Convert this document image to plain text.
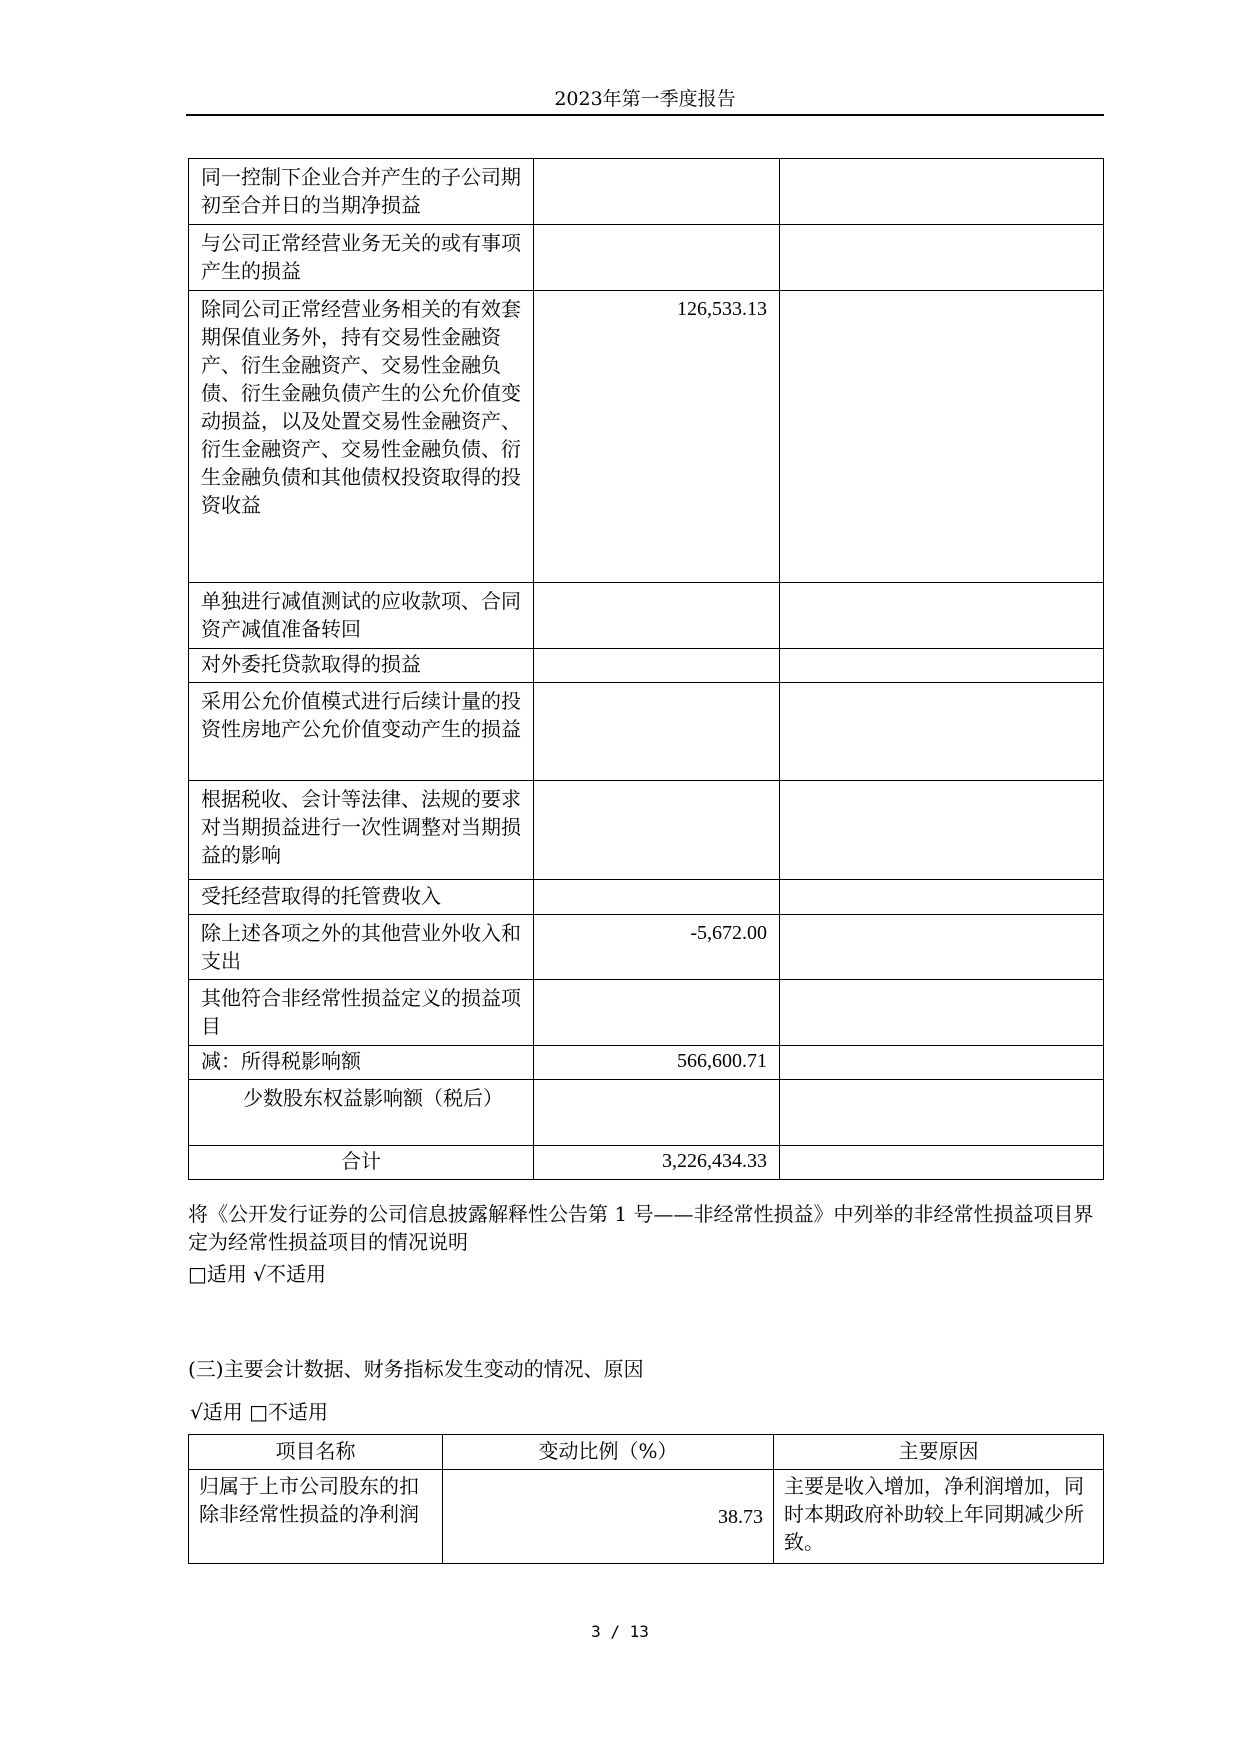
2023年第一季度报告
同一控制下企业合并产生的子公司期初至合并日的当期净损益		
与公司正常经营业务无关的或有事项产生的损益		
除同公司正常经营业务相关的有效套期保值业务外，持有交易性金融资产、衍生金融资产、交易性金融负债、衍生金融负债产生的公允价值变动损益，以及处置交易性金融资产、衍生金融资产、交易性金融负债、衍生金融负债和其他债权投资取得的投资收益	126,533.13	
单独进行减值测试的应收款项、合同资产减值准备转回		
对外委托贷款取得的损益		
采用公允价值模式进行后续计量的投资性房地产公允价值变动产生的损益		
根据税收、会计等法律、法规的要求对当期损益进行一次性调整对当期损益的影响		
受托经营取得的托管费收入		
除上述各项之外的其他营业外收入和支出	-5,672.00	
其他符合非经常性损益定义的损益项目		
减：所得税影响额	566,600.71	
少数股东权益影响额（税后）		
合计	3,226,434.33	
将《公开发行证券的公司信息披露解释性公告第 1 号——非经常性损益》中列举的非经常性损益项目界定为经常性损益项目的情况说明
□适用 √不适用
(三)主要会计数据、财务指标发生变动的情况、原因
√适用 □不适用
项目名称	变动比例（%）	主要原因
归属于上市公司股东的扣除非经常性损益的净利润	38.73	主要是收入增加，净利润增加，同时本期政府补助较上年同期减少所致。
3 / 13
